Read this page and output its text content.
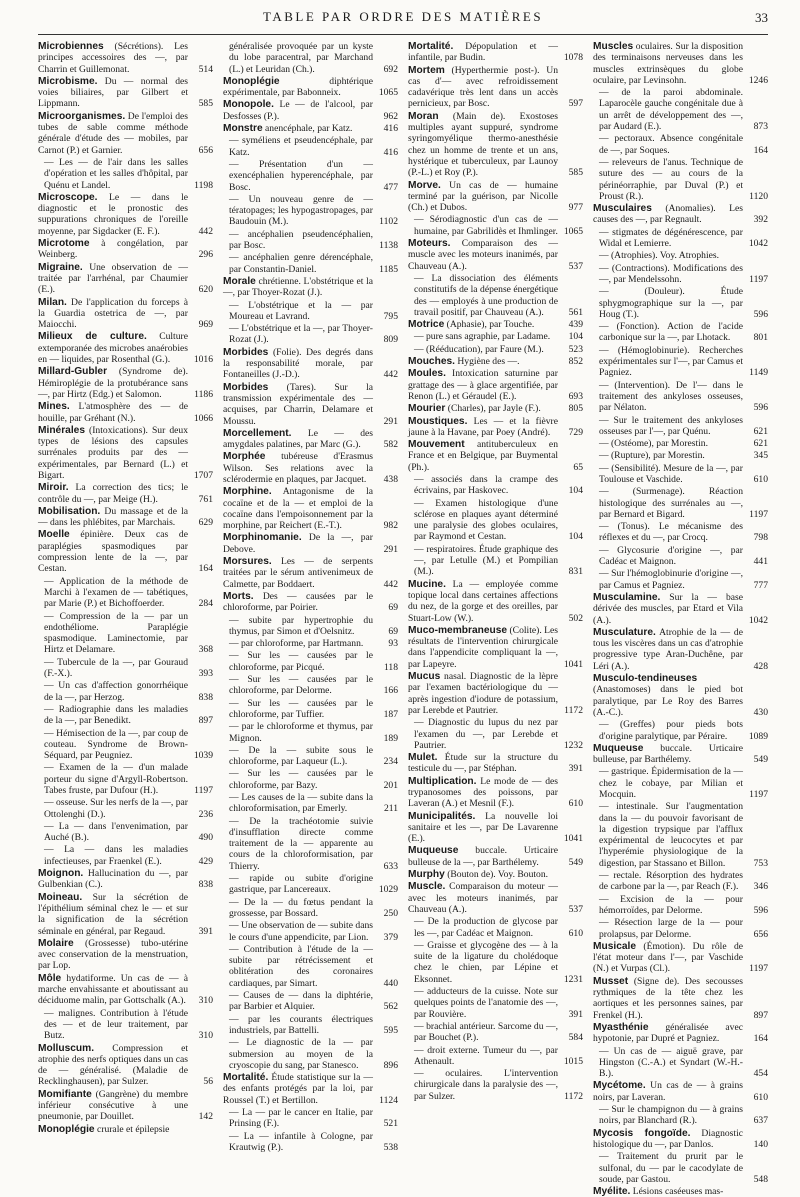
TABLE PAR ORDRE DES MATIÈRES	33
Microbiennes (Sécrétions). Les principes accessoires des —, par Charrin et Guillemonat.	514
Microbisme. Du — normal des voies biliaires, par Gilbert et Lippmann.	585
Microorganismes. De l'emploi des tubes de sable comme méthode générale d'étude des — mobiles, par Carnot (P.) et Garnier.	656
— Les — de l'air dans les salles d'opération et les salles d'hôpital, par Quénu et Landel.	1198
Microscope. Le — dans le diagnostic et le pronostic des suppurations chroniques de l'oreille moyenne, par Sigdacker (E. F.).	442
Microtome à congélation, par Weinberg.	296
Migraine. Une observation de — traitée par l'arrhénal, par Chaumier (E.).	620
Milan. De l'application du forceps à la Guardia ostetrica de —, par Maiocchi.	969
Milieux de culture. Culture extemporanée des microbes anaérobies en — liquides, par Rosenthal (G.).	1016
Millard-Gubler (Syndrome de). Hémiroplégie de la protubérance sans —, par Hirtz (Edg.) et Salomon.	1186
Mines. L'atmosphère des — de houille, par Gréhant (N.).	1066
Minérales (Intoxications). Sur deux types de lésions des capsules surrénales produits par des — expérimentales, par Bernard (L.) et Bigart.	1707
Miroir. La correction des tics; le contrôle du —, par Meige (H.).	761
Mobilisation. Du massage et de la — dans les phlébites, par Marchais.	629
Moelle épinière. Deux cas de paraplégies spasmodiques par compression lente de la —, par Cestan.	164
— Application de la méthode de Marchi à l'examen de — tabétiques, par Marie (P.) et Bichoffoerder.	284
— Compression de la — par un endothéliome. Paraplégie spasmodique. Laminectomie, par Hirtz et Delamare.	368
— Tubercule de la —, par Gouraud (F.-X.).	393
— Un cas d'affection gonorrhéique de la —, par Herzog.	838
— Radiographie dans les maladies de la —, par Benedikt.	897
— Hémisection de la —, par coup de couteau. Syndrome de Brown-Séquard, par Peugniez.	1039
— Examen de la — d'un malade porteur du signe d'Argyll-Robertson. Tabes fruste, par Dufour (H.).	1197
— osseuse. Sur les nerfs de la —, par Ottolenghi (D.).	236
— La — dans l'envenimation, par Auché (B.).	490
— La — dans les maladies infectieuses, par Fraenkel (E.).	429
Moignon. Hallucination du —, par Gulbenkian (C.).	838
Moineau. Sur la sécrétion de l'épithélium séminal chez le — et sur la signification de la sécrétion séminale en général, par Regaud.	391
Molaire (Grossesse) tubo-utérine avec conservation de la menstruation, par Lop.
Môle hydatiforme. Un cas de — à marche envahissante et aboutissant au déciduome malin, par Gottschalk (A.).	310
— malignes. Contribution à l'étude des — et de leur traitement, par Butz.	310
Molluscum. Compression et atrophie des nerfs optiques dans un cas de — généralisé. (Maladie de Recklinghausen), par Sulzer.	56
Momifiante (Gangrène) du membre inférieur consécutive à une pneumonie, par Douillet.	142
Monoplégie crurale et épilepsie
généralisée provoquée par un kyste du lobe paracentral, par Marchand (L.) et Leuridan (Ch.).	692
Monoplégie diphtérique expérimentale, par Babonneix.	1065
Monopole. Le — de l'alcool, par Desfosses (P.).	962
Monstre anencéphale, par Katz.	416
— syméliens et pseudencéphale, par Katz.	416
— Présentation d'un — exencéphalien hyperencéphale, par Bosc.	477
— Un nouveau genre de — tératopages; les hypogastropages, par Baudouin (M.).	1102
— ancéphalien pseudencéphalien, par Bosc.	1138
— ancéphalien genre dérencéphale, par Constantin-Daniel.	1185
Morale chrétienne. L'obstétrique et la —, par Thoyer-Rozat (J.).
— L'obstétrique et la — par Moureau et Lavrand.	795
— L'obstétrique et la —, par Thoyer-Rozat (J.).	809
Morbides (Folie). Des degrés dans la responsabilité morale, par Fontaneilles (J.-D.).	442
Morbides (Tares). Sur la transmission expérimentale des — acquises, par Charrin, Delamare et Moussu.	291
Morcellement. Le — des amygdales palatines, par Marc (G.).	582
Morphée tubéreuse d'Erasmus Wilson. Ses relations avec la sclérodermie en plaques, par Jacquet.	438
Morphine. Antagonisme de la cocaïne et de la — et emploi de la cocaïne dans l'empoisonnement par la morphine, par Reichert (E.-T.).	982
Morphinomanie. De la —, par Debove.	291
Morsures. Les — de serpents traitées par le sérum antivenimeux de Calmette, par Boddaert.	442
Morts. Des — causées par le chloroforme, par Poirier.	69
— subite par hypertrophie du thymus, par Simon et d'Oelsnitz.	69
— par chloroforme, par Hartmann.	93
— Sur les — causées par le chloroforme, par Picqué.	118
— Sur les — causées par le chloroforme, par Delorme.	166
— Sur les — causées par le chloroforme, par Tuffier.	187
— par le chloroforme et thymus, par Mignon.	189
— De la — subite sous le chloroforme, par Laqueur (L.).	234
— Sur les — causées par le chloroforme, par Bazy.	201
— Les causes de la — subite dans la chloroformisation, par Emerly.	211
— De la trachéotomie suivie d'insufflation directe comme traitement de la — apparente au cours de la chloroformisation, par Thierry.	633
— rapide ou subite d'origine gastrique, par Lancereaux.	1029
— De la — du fœtus pendant la grossesse, par Bossard.	250
— Une observation de — subite dans le cours d'une appendicite, par Lion.	379
— Contribution à l'étude de la — subite par rétrécissement et oblitération des coronaires cardiaques, par Simart.	440
— Causes de — dans la diphtérie, par Barbier et Alquier.	562
— par les courants électriques industriels, par Battelli.	595
— Le diagnostic de la — par submersion au moyen de la cryoscopie du sang, par Stanesco.	896
Mortalité. Étude statistique sur la — des enfants protégés par la loi, par Roussel (T.) et Bertillon.	1124
— La — par le cancer en Italie, par Prinsing (F.).	521
— La — infantile à Cologne, par Krautwig (P.).	538
Mortalité. Dépopulation et — infantile, par Budin.	1078
Mortem (Hyperthermie post-). Un cas d'— avec refroidissement cadavérique très lent dans un accès pernicieux, par Bosc.	597
Moran (Main de). Exostoses multiples ayant suppuré, syndrome syringomyélique thermo-anesthésie chez un homme de trente et un ans, hystérique et tuberculeux, par Launoy (P.-L.) et Roy (P.).	585
Morve. Un cas de — humaine terminé par la guérison, par Nicolle (Ch.) et Dubos.	977
— Sérodiagnostic d'un cas de — humaine, par Gabrilidès et Ihmlinger. 1065
Moteurs. Comparaison des — muscle avec les moteurs inanimés, par Chauveau (A.).	537
— La dissociation des éléments constitutifs de la dépense énergétique des — employés à une production de travail positif, par Chauveau (A.).	561
Motrice (Aphasie), par Touche.	439
— pure sans agraphie, par Ladame.	104
— (Rééducation), par Faure (M.).	523
Mouches. Hygiène des —.	852
Moules. Intoxication saturnine par grattage des — à glace argentifiée, par Renon (L.) et Géraudel (E.).	693
Mourier (Charles), par Jayle (F.).	805
Moustiques. Les — et la fièvre jaune à la Havane, par Poey (André).	729
Mouvement antituberculeux en France et en Belgique, par Buymental (Ph.).	65
— associés dans la crampe des écrivains, par Haskovec.	104
— Examen histologique d'une sclérose en plaques ayant déterminé une paralysie des globes oculaires, par Raymond et Cestan.	104
— respiratoires. Étude graphique des —, par Letulle (M.) et Pompilian (M.).	831
Mucine. La — employée comme topique local dans certaines affections du nez, de la gorge et des oreilles, par Stuart-Low (W.).	502
Muco-membraneuse (Colite). Les résultats de l'intervention chirurgicale dans l'appendicite compliquant la —, par Lapeyre.	1041
Mucus nasal. Diagnostic de la lèpre par l'examen bactériologique du — après ingestion d'iodure de potassium, par Lerebde et Pautrier.	1172
— Diagnostic du lupus du nez par l'examen du —, par Lerebde et Pautrier.	1232
Mulet. Étude sur la structure du testicule du —, par Stéphan.	391
Multiplication. Le mode de — des trypanosomes des poissons, par Laveran (A.) et Mesnil (F.).	610
Municipalités. La nouvelle loi sanitaire et les —, par De Lavarenne (E.).	1041
Muqueuse buccale. Urticaire bulleuse de la —, par Barthélemy.	549
Murphy (Bouton de). Voy. Bouton.
Muscle. Comparaison du moteur — avec les moteurs inanimés, par Chauveau (A.).	537
— De la production de glycose par les —, par Cadéac et Maignon.	610
— Graisse et glycogène des — à la suite de la ligature du cholédoque chez le chien, par Lépine et Eksonnet.	1231
— adducteurs de la cuisse. Note sur quelques points de l'anatomie des —, par Rouvière.	391
— brachial antérieur. Sarcome du —, par Bouchet (P.).	584
— droit externe. Tumeur du —, par Athenault.	1015
— oculaires. L'intervention chirurgicale dans la paralysie des —, par Sulzer.	1172
Muscles oculaires. Sur la disposition des terminaisons nerveuses dans les muscles extrinsèques du globe oculaire, par Levinsohn.	1246
— de la paroi abdominale. Laparocèle gauche congénitale due à un arrêt de développement des —, par Audard (E.).	873
— pectoraux. Absence congénitale de —, par Soques.	164
— releveurs de l'anus. Technique de suture des — au cours de la périnéorraphie, par Duval (P.) et Proust (R.).	1120
Musculaires (Anomalies). Les causes des —, par Regnault.	392
— stigmates de dégénérescence, par Widal et Lemierre.	1042
— (Atrophies). Voy. Atrophies.
— (Contractions). Modifications des —, par Mendelssohn.	1197
— (Douleur). Étude sphygmographique sur la —, par Houg (T.).	596
— (Fonction). Action de l'acide carbonique sur la —, par Lhotack.	801
— (Hémoglobinurie). Recherches expérimentales sur l'—, par Camus et Pagniez.	1149
— (Intervention). De l'— dans le traitement des ankyloses osseuses, par Nélaton.	596
— Sur le traitement des ankyloses osseuses par l'—, par Quénu.	621
— (Ostéome), par Morestin.	621
— (Rupture), par Morestin.	345
— (Sensibilité). Mesure de la —, par Toulouse et Vaschide.	610
— (Surmenage). Réaction histologique des surrénales au —, par Bernard et Bigard.	1197
— (Tonus). Le mécanisme des réflexes et du —, par Crocq.	798
— Glycosurie d'origine —, par Cadéac et Maignon.	441
— Sur l'hémoglobinurie d'origine —, par Camus et Pagniez.	777
Musculamine. Sur la — base dérivée des muscles, par Etard et Vila (A.).	1042
Musculature. Atrophie de la — de tous les viscères dans un cas d'atrophie progressive type Aran-Duchêne, par Léri (A.).	428
Musculo-tendineuses (Anastomoses) dans le pied bot paralytique, par Le Roy des Barres (A.-C.).	430
— (Greffes) pour pieds bots d'origine paralytique, par Péraire.	1089
Muqueuse buccale. Urticaire bulleuse, par Barthélemy.	549
— gastrique. Épidermisation de la — chez le cobaye, par Milian et Mocquin.	1197
— intestinale. Sur l'augmentation dans la — du pouvoir favorisant de la digestion trypsique par l'afflux expérimental de leucocytes et par l'hyperémie physiologique de la digestion, par Stassano et Billon.	753
— rectale. Résorption des hydrates de carbone par la —, par Reach (F.).	346
— Excision de la — pour hémorroïdes, par Delorme.	596
— Résection large de la — pour prolapsus, par Delorme.	656
Musicale (Émotion). Du rôle de l'état moteur dans l'—, par Vaschide (N.) et Vurpas (Cl.).	1197
Musset (Signe de). Des secousses rythmiques de la tête chez les aortiques et les personnes saines, par Frenkel (H.).	897
Myasthénie généralisée avec hypotonie, par Dupré et Pagniez.	164
— Un cas de — aiguë grave, par Hingston (C.-A.) et Syndart (W.-H.-B.).	454
Mycétome. Un cas de — à grains noirs, par Laveran.	610
— Sur le champignon du — à grains noirs, par Blanchard (R.).	637
Mycosis fongoïde. Diagnostic histologique du —, par Danlos.	140
— Traitement du prurit par le sulfonal, du — par le cacodylate de soude, par Gastou.	548
Myélite. Lésions caséeuses mas-
